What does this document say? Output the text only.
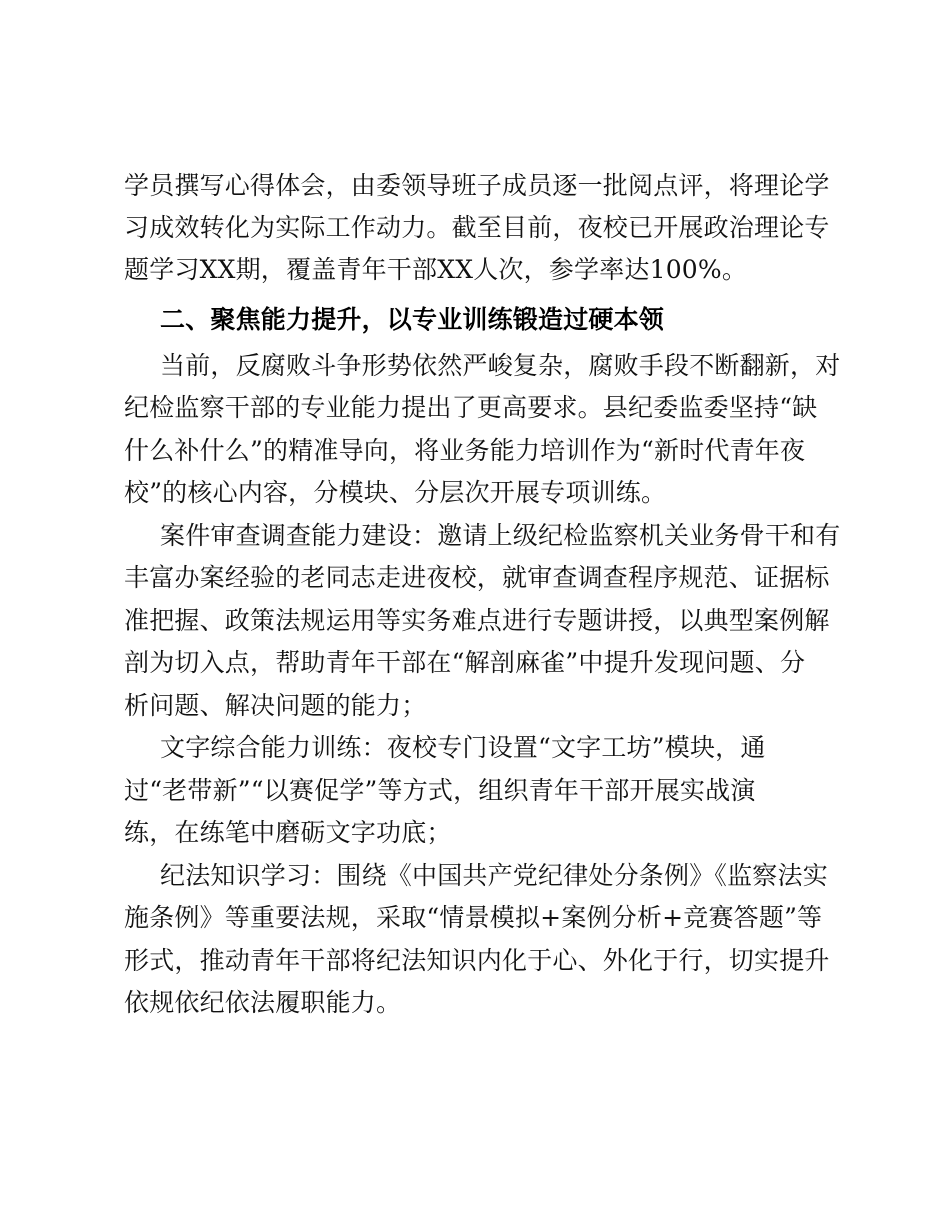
学员撰写心得体会，由委领导班子成员逐一批阅点评，将理论学
习成效转化为实际工作动力。截至目前，夜校已开展政治理论专
题学习XX期，覆盖青年干部XX人次，参学率达100%。
二、聚焦能力提升，以专业训练锻造过硬本领
当前，反腐败斗争形势依然严峻复杂，腐败手段不断翻新，对
纪检监察干部的专业能力提出了更高要求。县纪委监委坚持“缺
什么补什么”的精准导向，将业务能力培训作为“新时代青年夜
校”的核心内容，分模块、分层次开展专项训练。
案件审查调查能力建设：邀请上级纪检监察机关业务骨干和有
丰富办案经验的老同志走进夜校，就审查调查程序规范、证据标
准把握、政策法规运用等实务难点进行专题讲授，以典型案例解
剖为切入点，帮助青年干部在“解剖麻雀”中提升发现问题、分
析问题、解决问题的能力；
文字综合能力训练：夜校专门设置“文字工坊”模块，通
过“老带新”“以赛促学”等方式，组织青年干部开展实战演
练，在练笔中磨砺文字功底；
纪法知识学习：围绕《中国共产党纪律处分条例》《监察法实
施条例》等重要法规，采取“情景模拟+案例分析+竞赛答题”等
形式，推动青年干部将纪法知识内化于心、外化于行，切实提升
依规依纪依法履职能力。
